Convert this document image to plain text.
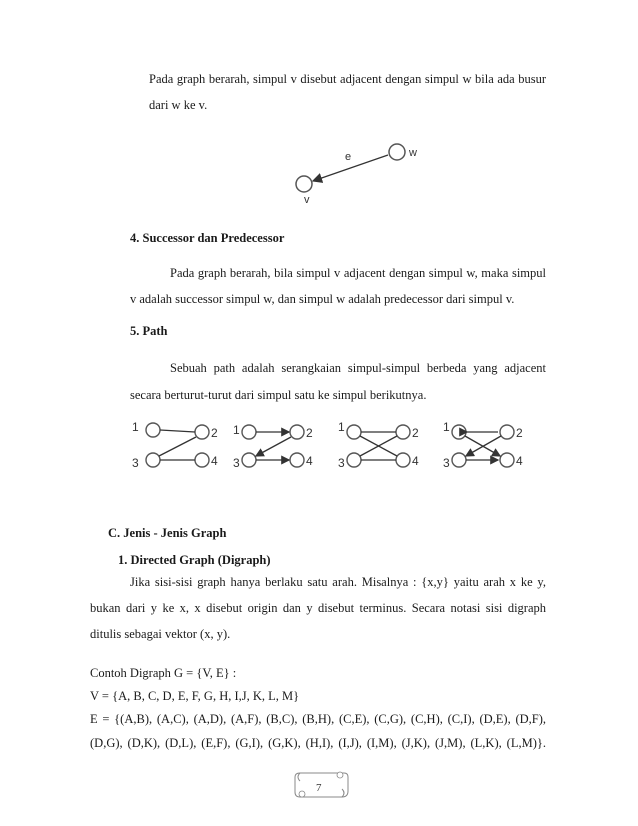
Pada graph berarah, simpul v disebut adjacent dengan simpul w bila ada busur
dari w ke v.
e	w
v
4. Successor dan Predecessor
Pada graph berarah, bila simpul v adjacent dengan simpul w, maka simpul
v adalah successor simpul w, dan simpul w adalah predecessor dari simpul v.
5. Path
Sebuah path adalah serangkaian simpul-simpul berbeda yang adjacent
secara berturut-turut dari simpul satu ke simpul berikutnya.
1
3
2
4
1
3
2
4
1
3
2
4
1
3
2
4
C. Jenis - Jenis Graph
1. Directed Graph (Digraph)
Jika sisi-sisi graph hanya berlaku satu arah. Misalnya : {x,y} yaitu arah x ke y,
bukan dari y ke x, x disebut origin dan y disebut terminus. Secara notasi sisi digraph
ditulis sebagai vektor (x, y).
Contoh Digraph G = {V, E} :
V = {A, B, C, D, E, F, G, H, I,J, K, L, M}
E = {(A,B), (A,C), (A,D), (A,F), (B,C), (B,H), (C,E), (C,G), (C,H), (C,I), (D,E), (D,F),
(D,G), (D,K), (D,L), (E,F), (G,I), (G,K), (H,I), (I,J), (I,M), (J,K), (J,M), (L,K), (L,M)}.
7
